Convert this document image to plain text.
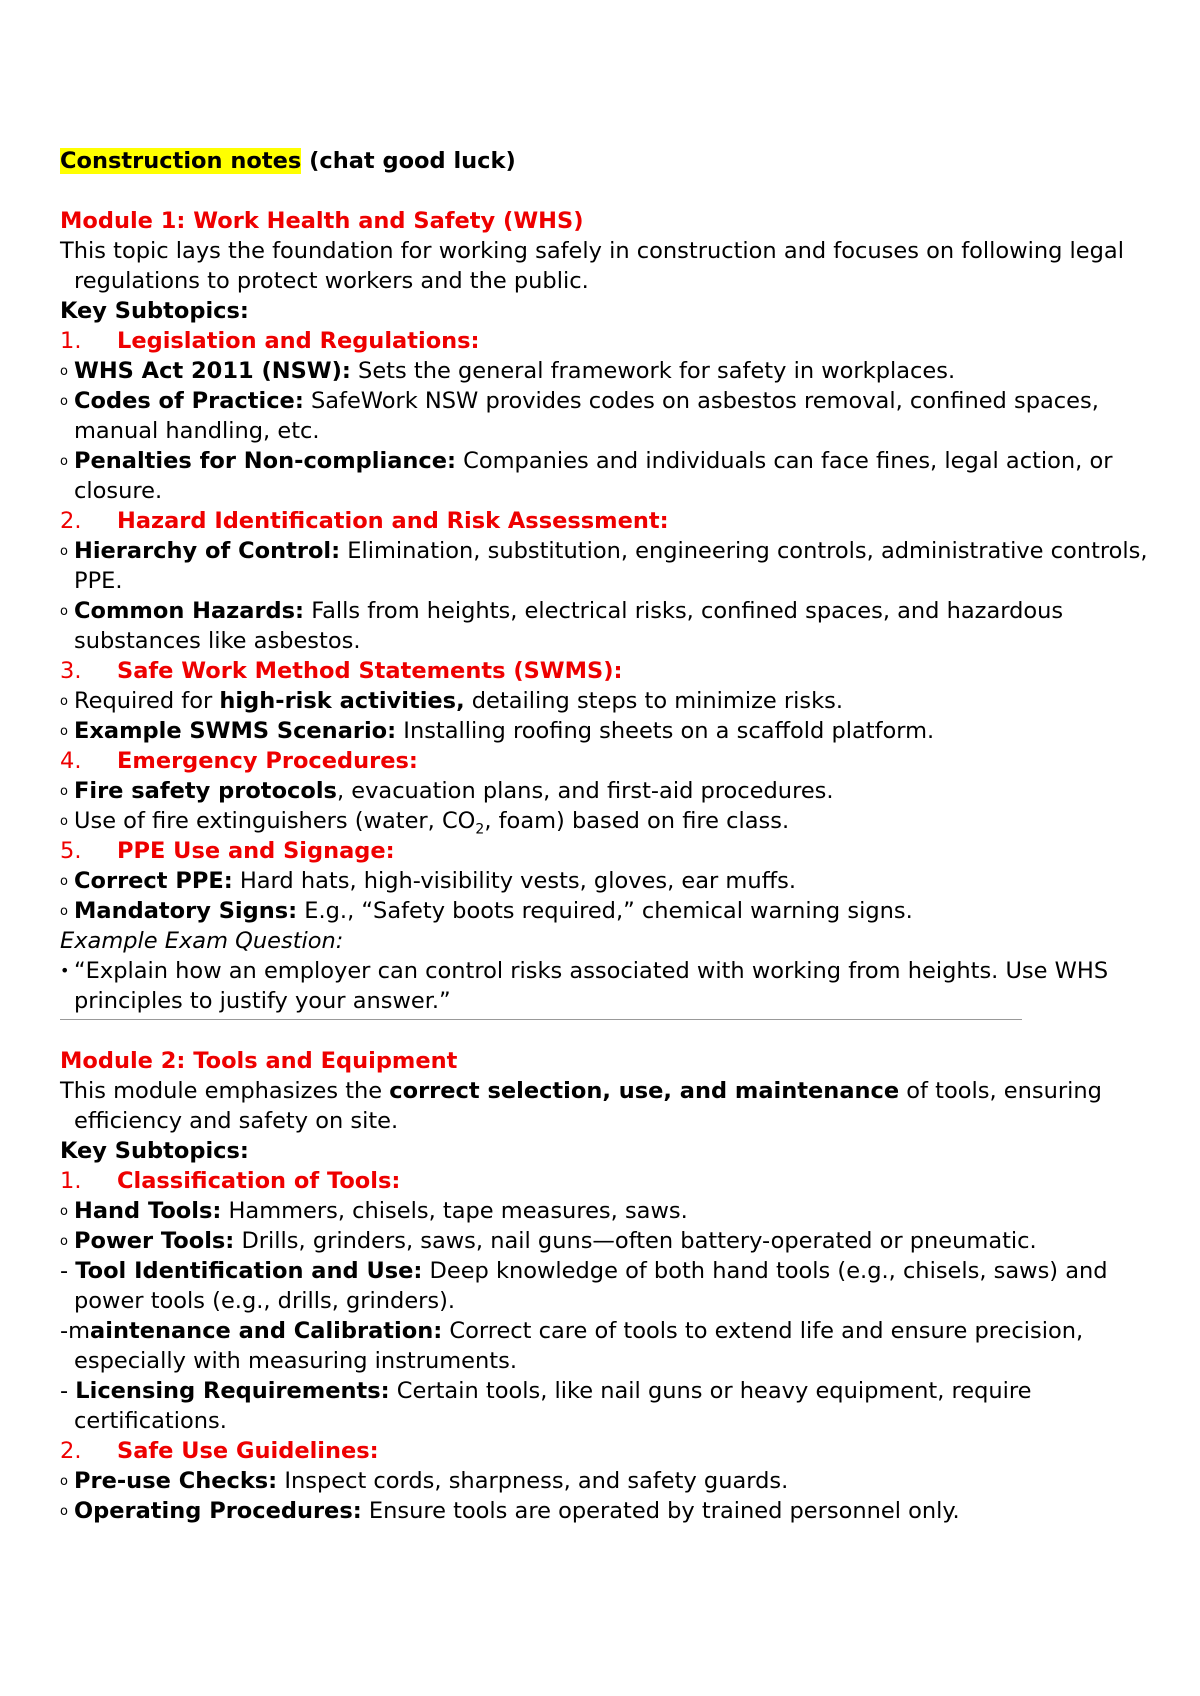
Construction notes (chat good luck)

Module 1: Work Health and Safety (WHS)

This topic lays the foundation for working safely in construction and focuses on following legal regulations to protect workers and the public.

Key Subtopics:

1. Legislation and Regulations:

o WHS Act 2011 (NSW): Sets the general framework for safety in workplaces.

o Codes of Practice: SafeWork NSW provides codes on asbestos removal, confined spaces, manual handling, etc.

o Penalties for Non-compliance: Companies and individuals can face fines, legal action, or closure.

2. Hazard Identification and Risk Assessment:

o Hierarchy of Control: Elimination, substitution, engineering controls, administrative controls, PPE.

o Common Hazards: Falls from heights, electrical risks, confined spaces, and hazardous substances like asbestos.

3. Safe Work Method Statements (SWMS):

o Required for high-risk activities, detailing steps to minimize risks.

o Example SWMS Scenario: Installing roofing sheets on a scaffold platform.

4. Emergency Procedures:

o Fire safety protocols, evacuation plans, and first-aid procedures.

o Use of fire extinguishers (water, $CO_2$, foam) based on fire class.

5. PPE Use and Signage:

o Correct PPE: Hard hats, high-visibility vests, gloves, ear muffs.

o Mandatory Signs: E.g., “Safety boots required,” chemical warning signs.

Example Exam Question:

• “Explain how an employer can control risks associated with working from heights. Use WHS principles to justify your answer.”

Module 2: Tools and Equipment

This module emphasizes the correct selection, use, and maintenance of tools, ensuring efficiency and safety on site.

Key Subtopics:

1. Classification of Tools:

o Hand Tools: Hammers, chisels, tape measures, saws.

o Power Tools: Drills, grinders, saws, nail guns—often battery-operated or pneumatic.

- Tool Identification and Use: Deep knowledge of both hand tools (e.g., chisels, saws) and power tools (e.g., drills, grinders).

-maintenance and Calibration: Correct care of tools to extend life and ensure precision, especially with measuring instruments.

- Licensing Requirements: Certain tools, like nail guns or heavy equipment, require certifications.

2. Safe Use Guidelines:

o Pre-use Checks: Inspect cords, sharpness, and safety guards.

o Operating Procedures: Ensure tools are operated by trained personnel only.
